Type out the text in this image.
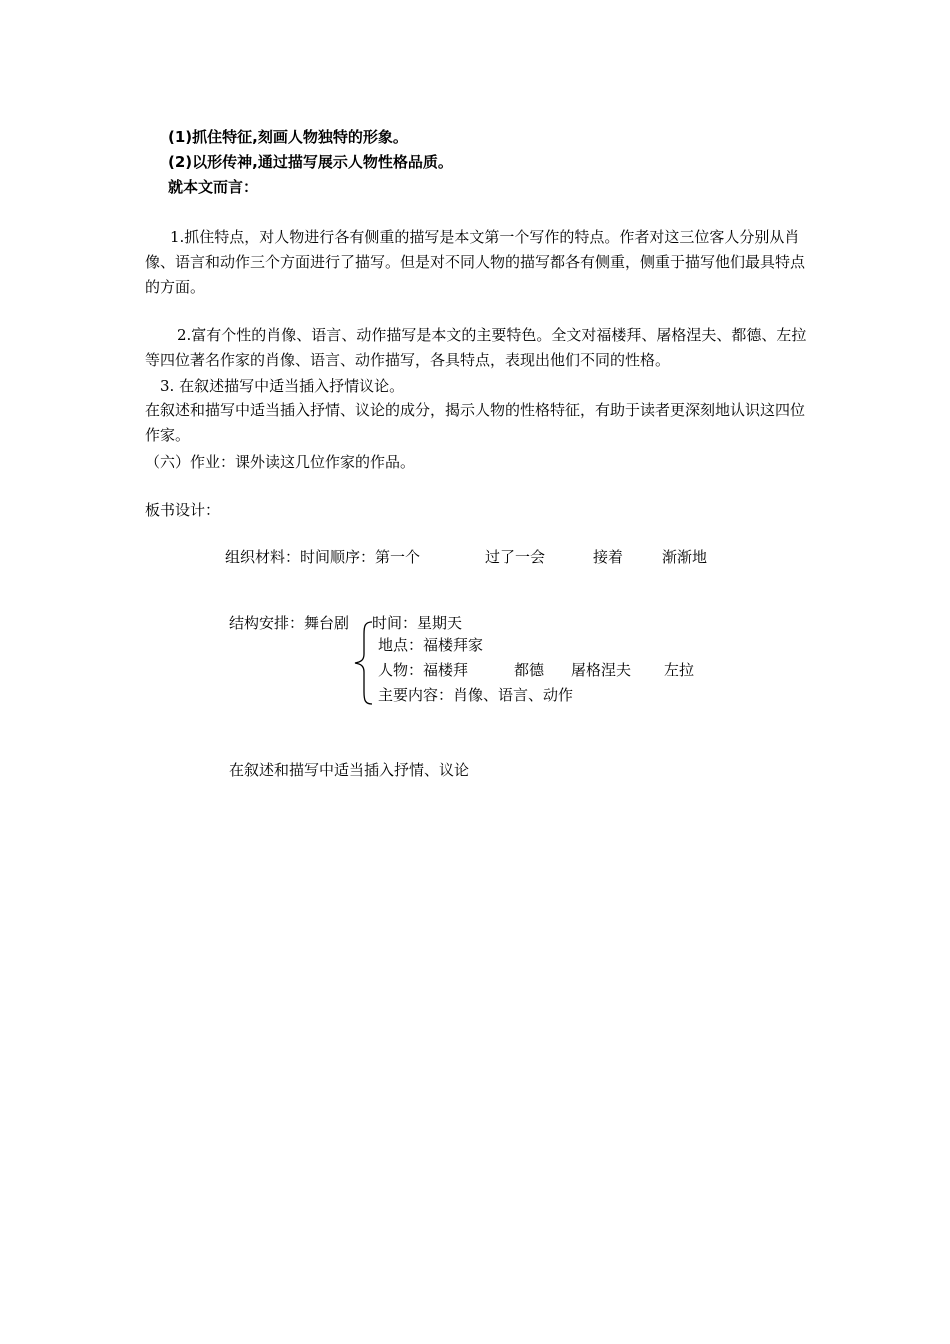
(1)抓住特征,刻画人物独特的形象。
(2)以形传神,通过描写展示人物性格品质。
就本文而言：
1.抓住特点，对人物进行各有侧重的描写是本文第一个写作的特点。作者对这三位客人分别从肖像、语言和动作三个方面进行了描写。但是对不同人物的描写都各有侧重，侧重于描写他们最具特点的方面。
2.富有个性的肖像、语言、动作描写是本文的主要特色。全文对福楼拜、屠格涅夫、都德、左拉等四位著名作家的肖像、语言、动作描写，各具特点，表现出他们不同的性格。
3. 在叙述描写中适当插入抒情议论。
在叙述和描写中适当插入抒情、议论的成分，揭示人物的性格特征，有助于读者更深刻地认识这四位作家。
（六）作业：课外读这几位作家的作品。
板书设计：
组织材料：时间顺序：第一个	过了一会	接着	渐渐地
结构安排：舞台剧 时间：星期天
地点：福楼拜家
人物：福楼拜	都德 屠格涅夫 左拉
主要内容：肖像、语言、动作
在叙述和描写中适当插入抒情、议论
